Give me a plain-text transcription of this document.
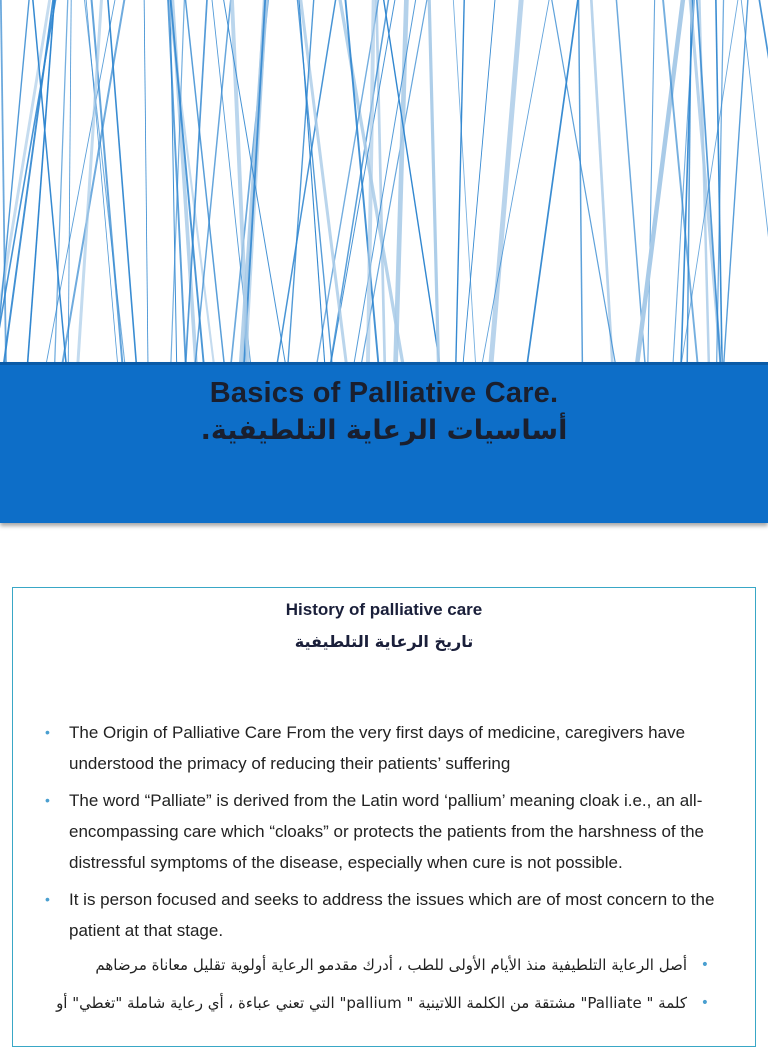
Basics of Palliative Care.
أساسيات الرعاية التلطيفية.
History of palliative care
تاريخ الرعاية التلطيفية
• The Origin of Palliative Care From the very first days of medicine, caregivers have understood the primacy of reducing their patients’ suffering
• The word “Palliate” is derived from the Latin word ‘pallium’ meaning cloak i.e., an all-encompassing care which “cloaks” or protects the patients from the harshness of the distressful symptoms of the disease, especially when cure is not possible.
• It is person focused and seeks to address the issues which are of most concern to the patient at that stage.
•
أصل الرعاية التلطيفية منذ الأيام الأولى للطب ، أدرك مقدمو الرعاية أولوية تقليل معاناة مرضاهم
•
كلمة " Palliate" مشتقة من الكلمة اللاتينية " pallium" التي تعني عباءة ، أي رعاية شاملة "تغطي" أو
